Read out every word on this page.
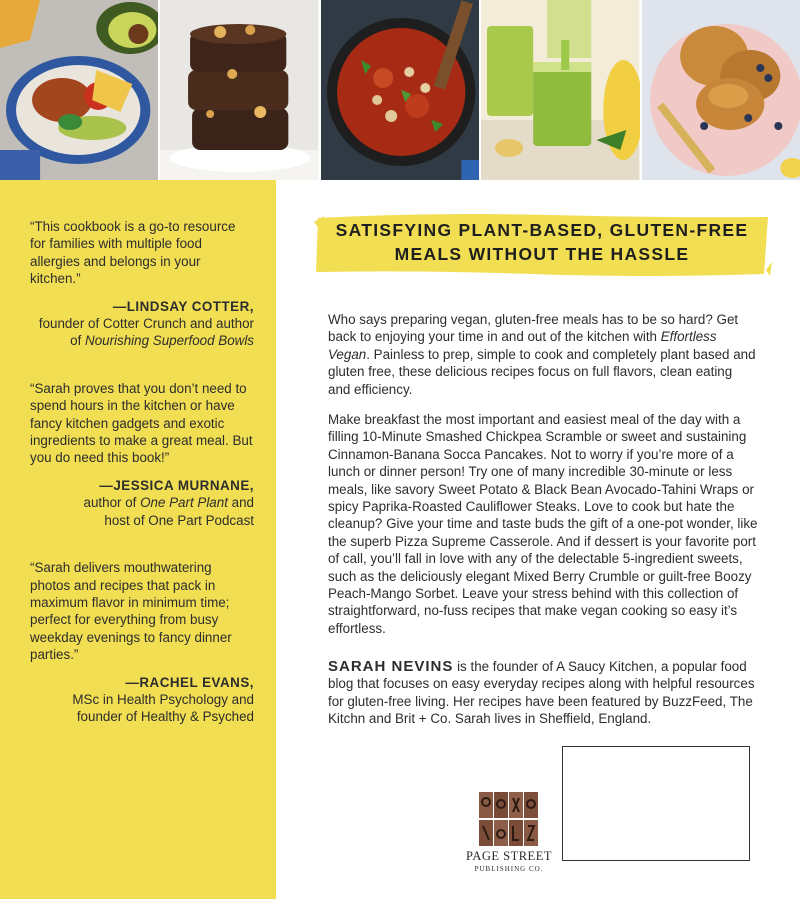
“This cookbook is a go-to resource for families with multiple food allergies and belongs in your kitchen.”

—LINDSAY COTTER,
founder of Cotter Crunch and author
of Nourishing Superfood Bowls

“Sarah proves that you don’t need to spend hours in the kitchen or have fancy kitchen gadgets and exotic ingredients to make a great meal. But you do need this book!”

—JESSICA MURNANE,
author of One Part Plant and
host of One Part Podcast

“Sarah delivers mouthwatering photos and recipes that pack in maximum flavor in minimum time; perfect for everything from busy weekday evenings to fancy dinner parties.”

—RACHEL EVANS,
MSc in Health Psychology and
founder of Healthy & Psyched
SATISFYING PLANT-BASED, GLUTEN-FREE
MEALS WITHOUT THE HASSLE

Who says preparing vegan, gluten-free meals has to be so hard? Get back to enjoying your time in and out of the kitchen with Effortless Vegan. Painless to prep, simple to cook and completely plant based and gluten free, these delicious recipes focus on full flavors, clean eating and efficiency.

Make breakfast the most important and easiest meal of the day with a filling 10-Minute Smashed Chickpea Scramble or sweet and sustaining Cinnamon-Banana Socca Pancakes. Not to worry if you’re more of a lunch or dinner person! Try one of many incredible 30-minute or less meals, like savory Sweet Potato & Black Bean Avocado-Tahini Wraps or spicy Paprika-Roasted Cauliflower Steaks. Love to cook but hate the cleanup? Give your time and taste buds the gift of a one-pot wonder, like the superb Pizza Supreme Casserole. And if dessert is your favorite port of call, you’ll fall in love with any of the delectable 5-ingredient sweets, such as the deliciously elegant Mixed Berry Crumble or guilt-free Boozy Peach-Mango Sorbet. Leave your stress behind with this collection of straightforward, no-fuss recipes that make vegan cooking so easy it’s effortless.

SARAH NEVINS is the founder of A Saucy Kitchen, a popular food blog that focuses on easy everyday recipes along with helpful resources for gluten-free living. Her recipes have been featured by BuzzFeed, The Kitchn and Brit + Co. Sarah lives in Sheffield, England.

PAGE STREET
PUBLISHING CO.
